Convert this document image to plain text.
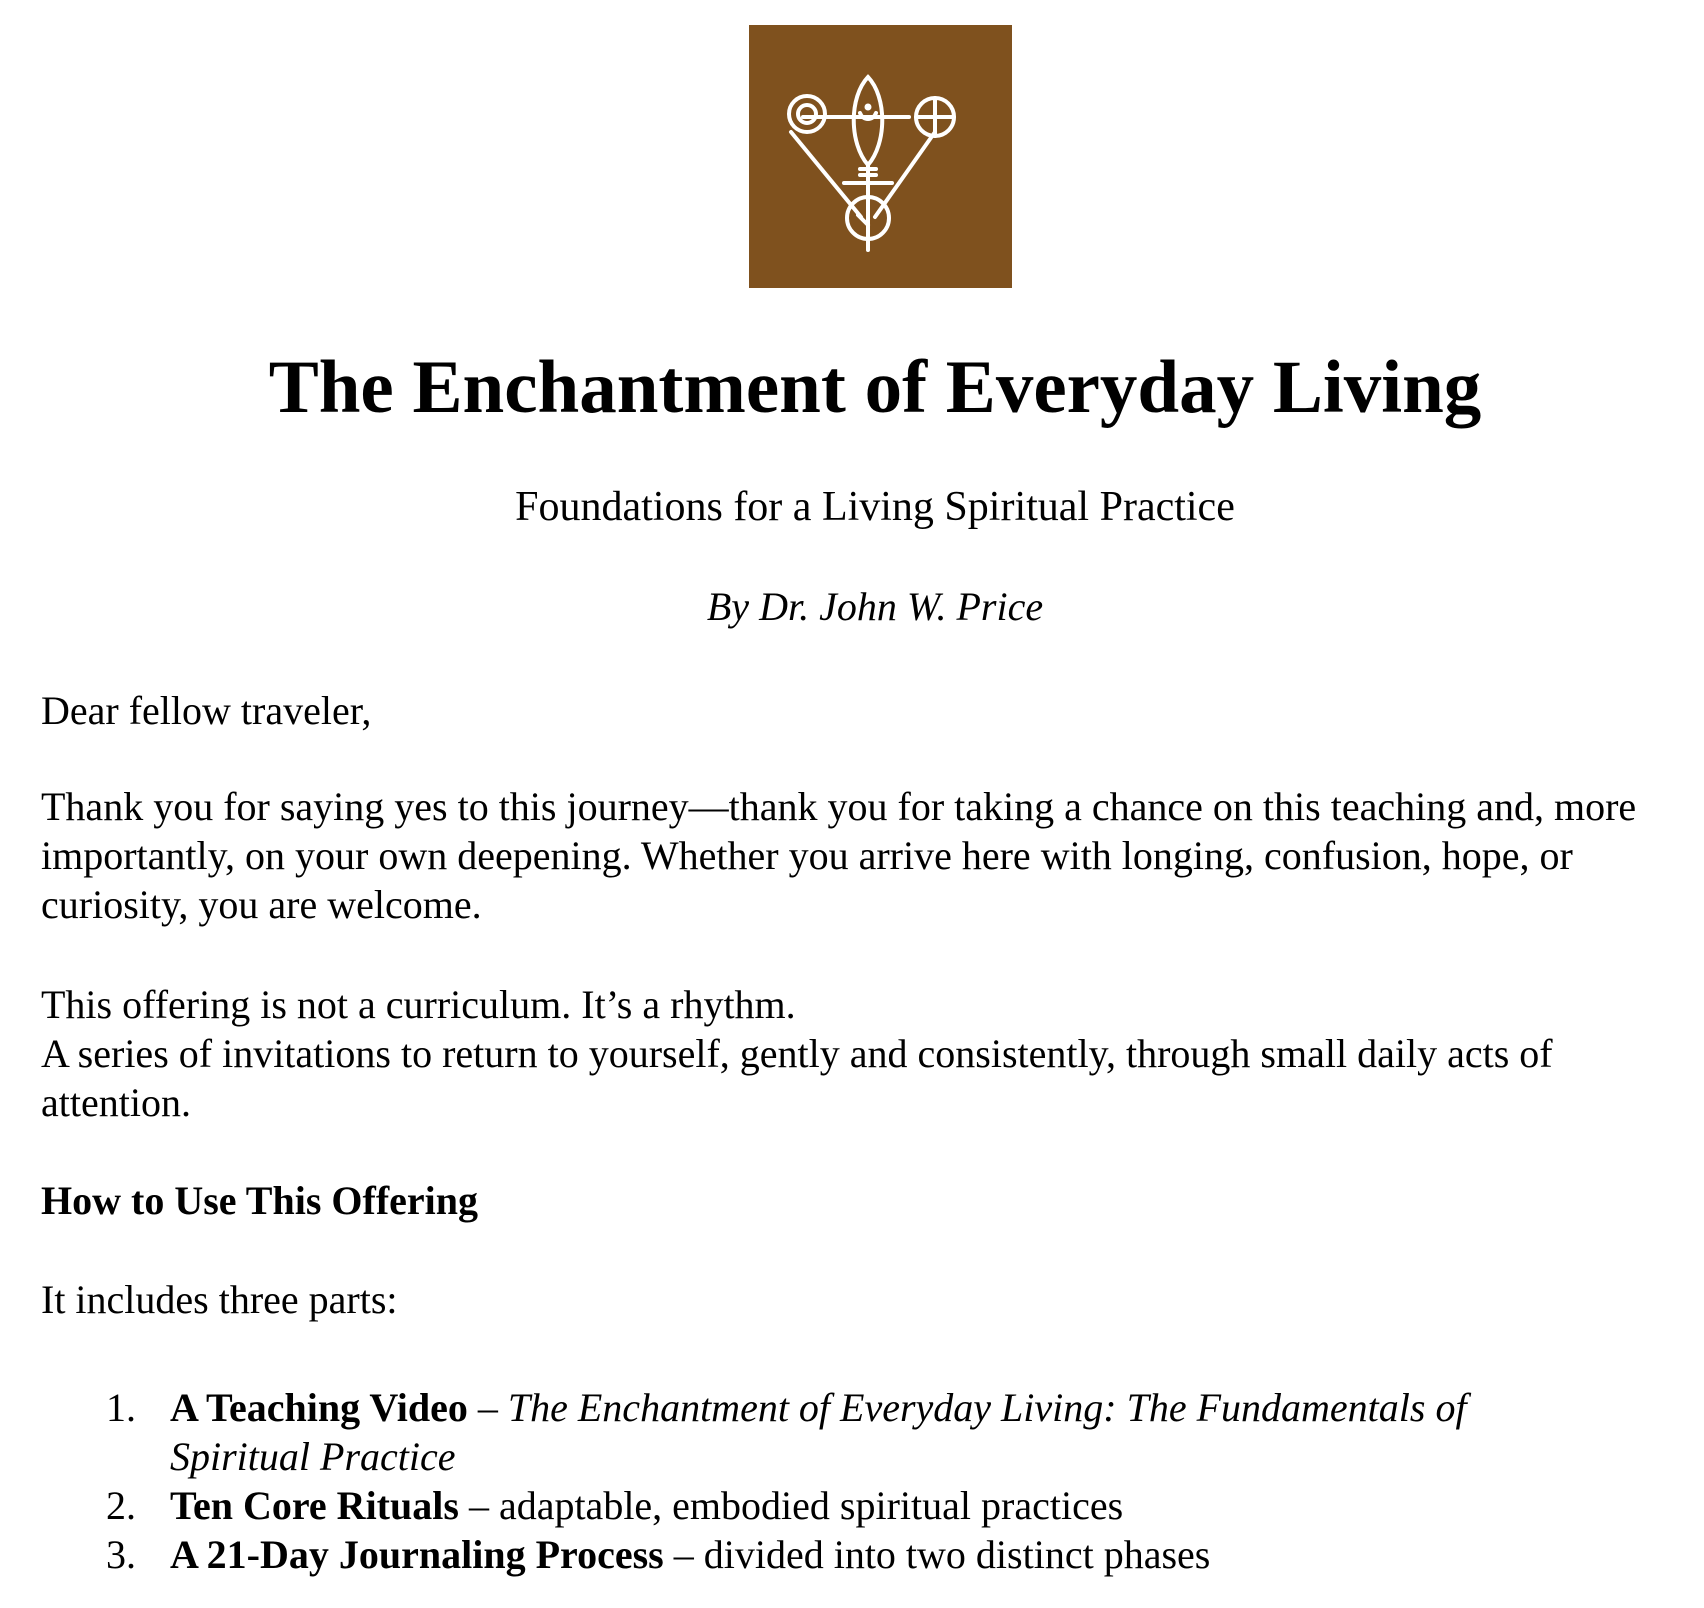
The Enchantment of Everyday Living

Foundations for a Living Spiritual Practice

By Dr. John W. Price

Dear fellow traveler,

Thank you for saying yes to this journey—thank you for taking a chance on this teaching and, more importantly, on your own deepening. Whether you arrive here with longing, confusion, hope, or curiosity, you are welcome.

This offering is not a curriculum. It’s a rhythm.
A series of invitations to return to yourself, gently and consistently, through small daily acts of attention.

How to Use This Offering

It includes three parts:

1. A Teaching Video – The Enchantment of Everyday Living: The Fundamentals of Spiritual Practice
2. Ten Core Rituals – adaptable, embodied spiritual practices
3. A 21-Day Journaling Process – divided into two distinct phases
